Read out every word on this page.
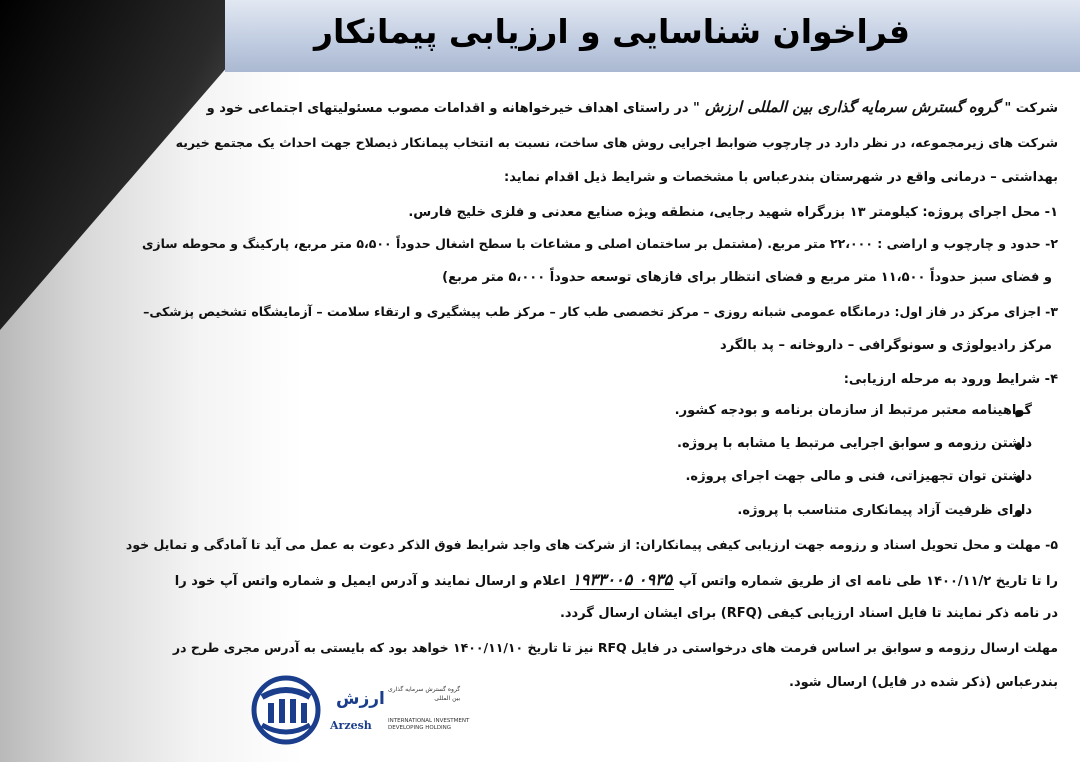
فراخوان شناسایی و ارزیابی پیمانکار
شرکت " گروه گسترش سرمایه گذاری بین المللی ارزش " در راستای اهداف خیرخواهانه و اقدامات مصوب مسئولیتهای اجتماعی خود و
شرکت های زیرمجموعه، در نظر دارد در چارچوب ضوابط اجرایی روش های ساخت، نسبت به انتخاب پیمانکار ذیصلاح جهت احداث یک مجتمع خیریه
بهداشتی – درمانی واقع در شهرستان بندرعباس با مشخصات و شرایط ذیل اقدام نماید:
۱- محل اجرای پروژه: کیلومتر ۱۳ بزرگراه شهید رجایی، منطقه ویژه صنایع معدنی و فلزی خلیج فارس.
۲- حدود و چارچوب و اراضی : ۲۲،۰۰۰ متر مربع. (مشتمل بر ساختمان اصلی و مشاعات با سطح اشغال حدوداً ۵،۵۰۰ متر مربع، پارکینگ و محوطه سازی
و فضای سبز حدوداً ۱۱،۵۰۰ متر مربع و فضای انتظار برای فازهای توسعه حدوداً ۵،۰۰۰ متر مربع)
۳- اجزای مرکز در فاز اول: درمانگاه عمومی شبانه روزی – مرکز تخصصی طب کار – مرکز طب پیشگیری و ارتقاء سلامت – آزمایشگاه تشخیص پزشکی–
مرکز رادیولوژی و سونوگرافی – داروخانه – پد بالگرد
۴- شرایط ورود به مرحله ارزیابی:
گواهینامه معتبر مرتبط از سازمان برنامه و بودجه کشور.
داشتن رزومه و سوابق اجرایی مرتبط یا مشابه با پروژه.
داشتن توان تجهیزاتی، فنی و مالی جهت اجرای پروژه.
دارای ظرفیت آزاد پیمانکاری متناسب با پروژه.
۵- مهلت و محل تحویل اسناد و رزومه جهت ارزیابی کیفی پیمانکاران: از شرکت های واجد شرایط فوق الذکر دعوت به عمل می آید تا آمادگی و تمایل خود
را تا تاریخ ۱۴۰۰/۱۱/۲ طی نامه ای از طریق شماره واتس آپ ۰۹۳۵ ۱۹۳۳۰۰۵ اعلام و ارسال نمایند و آدرس ایمیل و شماره واتس آپ خود را
در نامه ذکر نمایند تا فایل اسناد ارزیابی کیفی (RFQ) برای ایشان ارسال گردد.
مهلت ارسال رزومه و سوابق بر اساس فرمت های درخواستی در فایل RFQ نیز تا تاریخ ۱۴۰۰/۱۱/۱۰ خواهد بود که بایستی به آدرس مجری طرح در
بندرعباس (ذکر شده در فایل) ارسال شود.
ارزش گروه گسترش سرمایه گذاری
بین المللی
Arzesh	INTERNATIONAL INVESTMENT
DEVELOPING HOLDING
